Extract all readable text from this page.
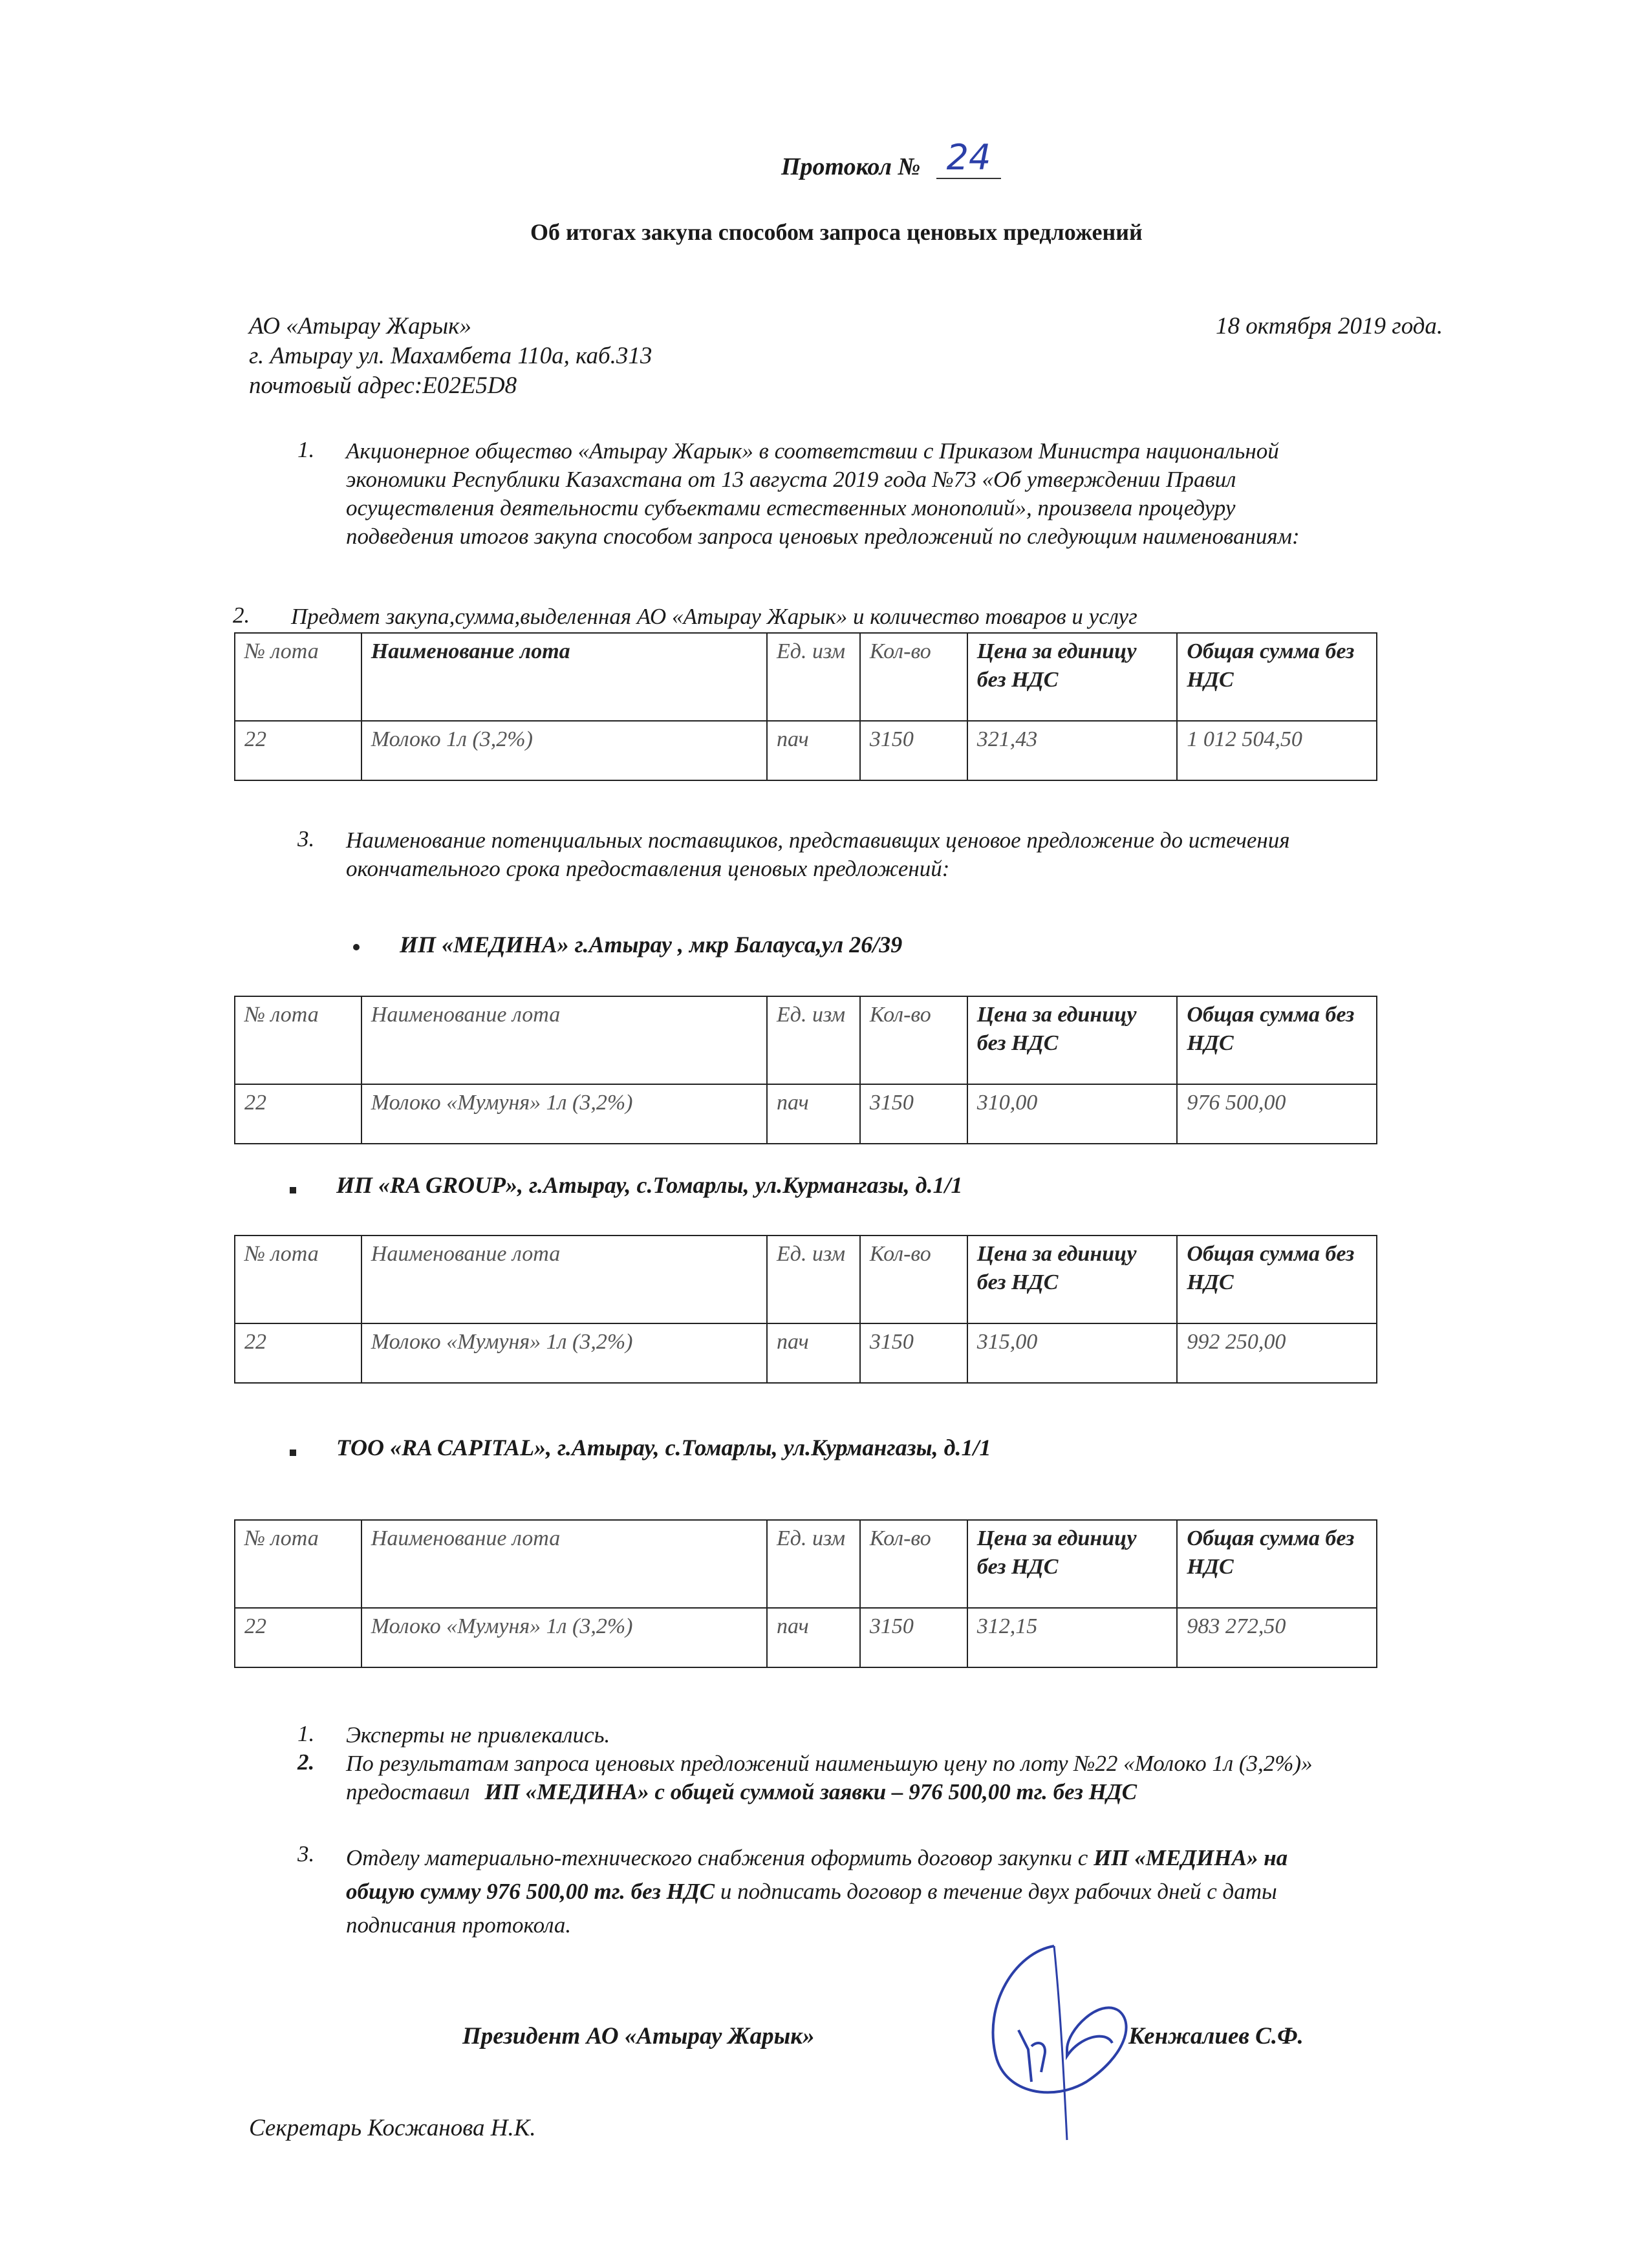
Протокол № 24
Об итогах закупа способом запроса ценовых предложений
АО «Атырау Жарык»
г. Атырау ул. Махамбета 110а, каб.313
почтовый адрес:Е02Е5D8
18 октября 2019 года.
1. Акционерное общество «Атырау Жарык» в соответствии с Приказом Министра национальной
экономики Республики Казахстана от 13 августа 2019 года №73 «Об утверждении Правил
осуществления деятельности субъектами естественных монополий», произвела процедуру
подведения итогов закупа способом запроса ценовых предложений по следующим наименованиям:
2. Предмет закупа,сумма,выделенная АО «Атырау Жарык» и количество товаров и услуг
№ лота	Наименование лота	Ед. изм	Кол-во	Цена за единицу без НДС	Общая сумма без НДС
22	Молоко 1л (3,2%)	пач	3150	321,43	1 012 504,50
3. Наименование потенциальных поставщиков, представивщих ценовое предложение до истечения
окончательного срока предоставления ценовых предложений:
ИП «МЕДИНА» г.Атырау , мкр Балауса,ул 26/39
№ лота	Наименование лота	Ед. изм	Кол-во	Цена за единицу без НДС	Общая сумма без НДС
22	Молоко «Мумуня» 1л (3,2%)	пач	3150	310,00	976 500,00
ИП «RA GROUP», г.Атырау, с.Томарлы, ул.Курмангазы, д.1/1
№ лота	Наименование лота	Ед. изм	Кол-во	Цена за единицу без НДС	Общая сумма без НДС
22	Молоко «Мумуня» 1л (3,2%)	пач	3150	315,00	992 250,00
ТОО «RA CAPITAL», г.Атырау, с.Томарлы, ул.Курмангазы, д.1/1
№ лота	Наименование лота	Ед. изм	Кол-во	Цена за единицу без НДС	Общая сумма без НДС
22	Молоко «Мумуня» 1л (3,2%)	пач	3150	312,15	983 272,50
1. Эксперты не привлекались.
2. По результатам запроса ценовых предложений наименьшую цену по лоту №22 «Молоко 1л (3,2%)»
предоставил ИП «МЕДИНА» с общей суммой заявки – 976 500,00 тг. без НДС
3. Отделу материально-технического снабжения оформить договор закупки с ИП «МЕДИНА» на
общую сумму 976 500,00 тг. без НДС и подписать договор в течение двух рабочих дней с даты
подписания протокола.
Президент АО «Атырау Жарык»	Кенжалиев С.Ф.
Секретарь Косжанова Н.К.
